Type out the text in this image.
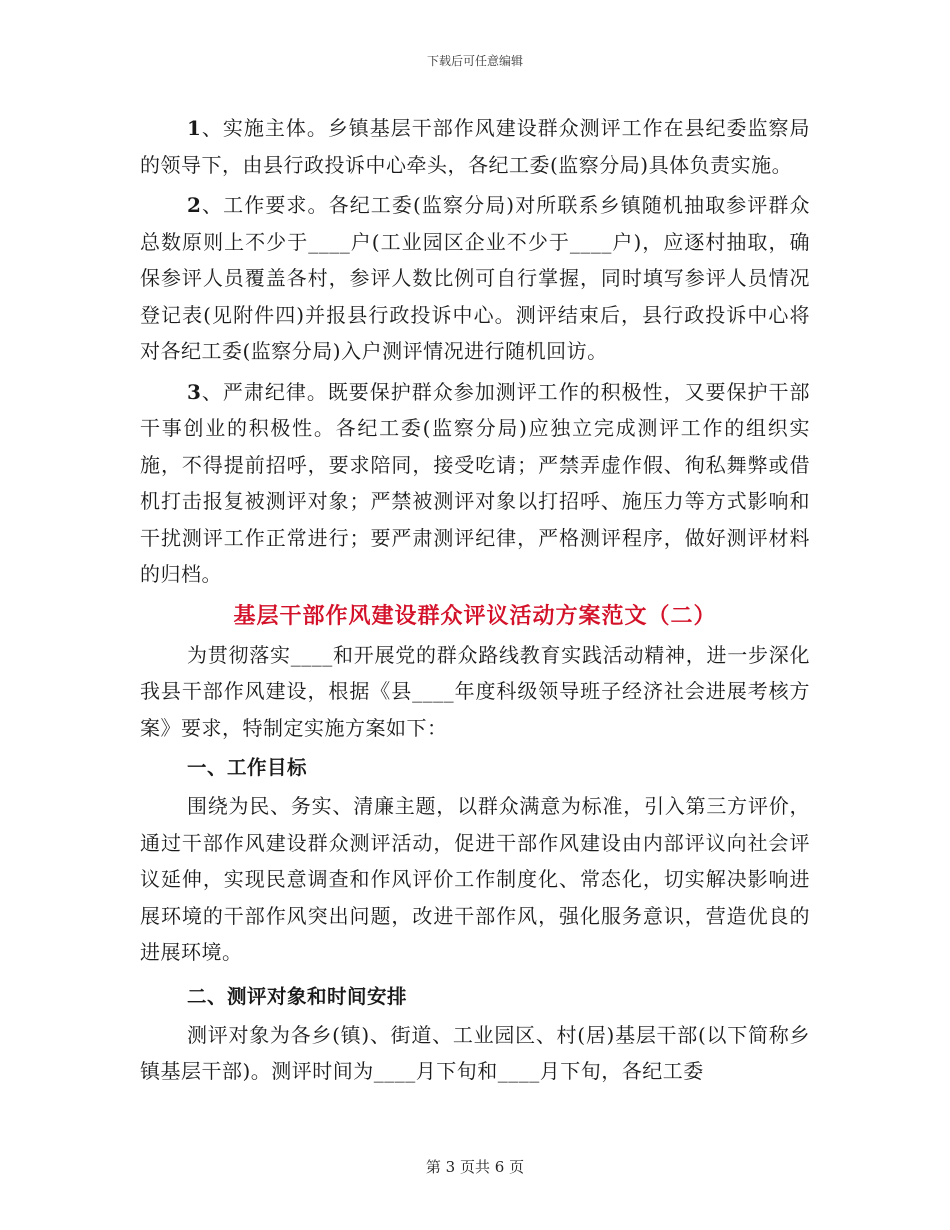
下载后可任意编辑

1、实施主体。乡镇基层干部作风建设群众测评工作在县纪委监察局的领导下，由县行政投诉中心牵头，各纪工委(监察分局)具体负责实施。

2、工作要求。各纪工委(监察分局)对所联系乡镇随机抽取参评群众总数原则上不少于____户(工业园区企业不少于____户)，应逐村抽取，确保参评人员覆盖各村，参评人数比例可自行掌握，同时填写参评人员情况登记表(见附件四)并报县行政投诉中心。测评结束后，县行政投诉中心将对各纪工委(监察分局)入户测评情况进行随机回访。

3、严肃纪律。既要保护群众参加测评工作的积极性，又要保护干部干事创业的积极性。各纪工委(监察分局)应独立完成测评工作的组织实施，不得提前招呼，要求陪同，接受吃请；严禁弄虚作假、徇私舞弊或借机打击报复被测评对象；严禁被测评对象以打招呼、施压力等方式影响和干扰测评工作正常进行；要严肃测评纪律，严格测评程序，做好测评材料的归档。

基层干部作风建设群众评议活动方案范文（二）

为贯彻落实____和开展党的群众路线教育实践活动精神，进一步深化我县干部作风建设，根据《县____年度科级领导班子经济社会进展考核方案》要求，特制定实施方案如下：

一、工作目标

围绕为民、务实、清廉主题，以群众满意为标准，引入第三方评价，通过干部作风建设群众测评活动，促进干部作风建设由内部评议向社会评议延伸，实现民意调查和作风评价工作制度化、常态化，切实解决影响进展环境的干部作风突出问题，改进干部作风，强化服务意识，营造优良的进展环境。

二、测评对象和时间安排

测评对象为各乡(镇)、街道、工业园区、村(居)基层干部(以下简称乡镇基层干部)。测评时间为____月下旬和____月下旬，各纪工委

第 3 页共 6 页
